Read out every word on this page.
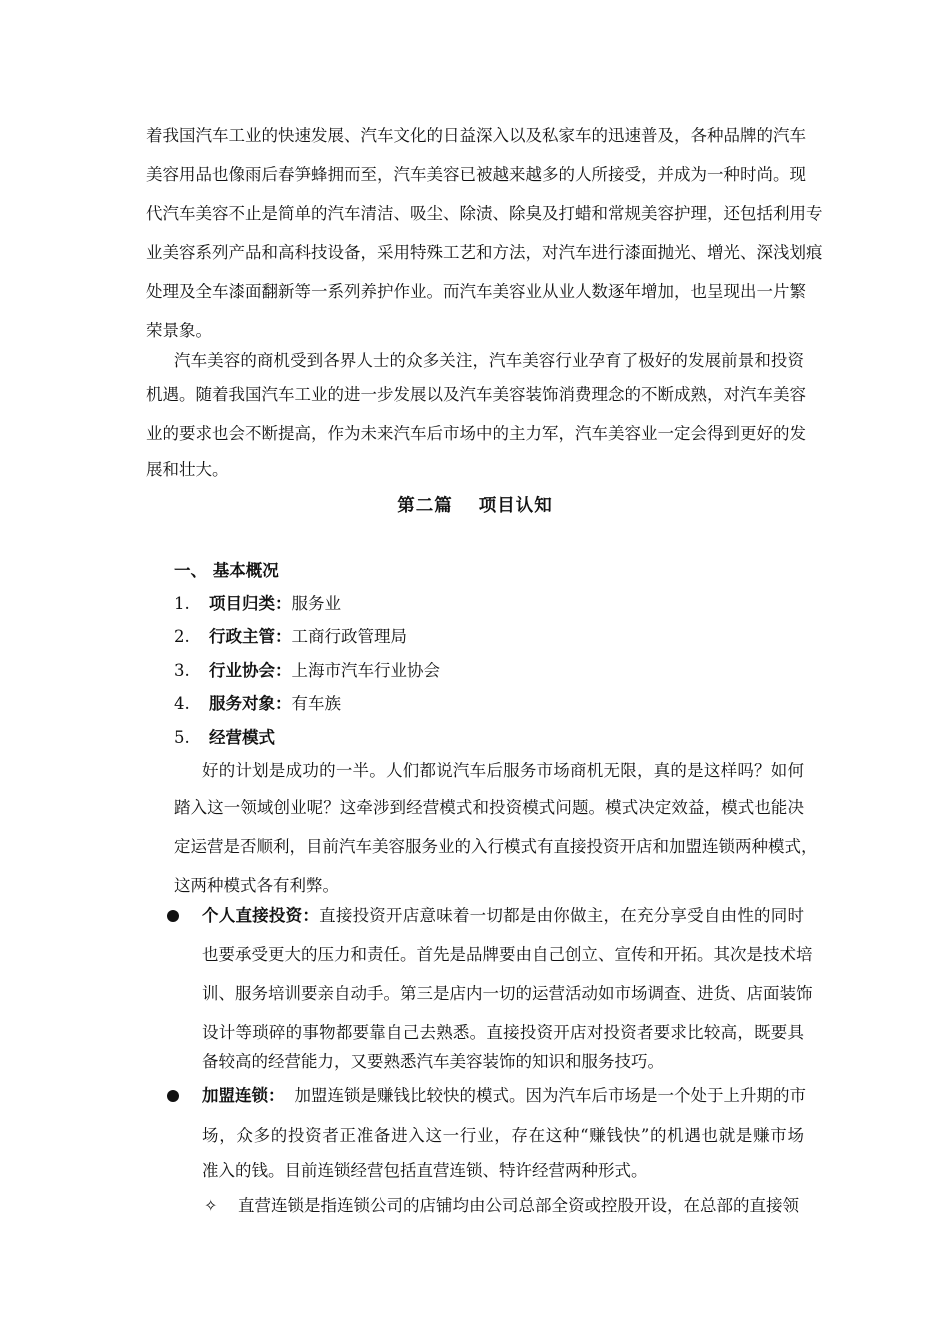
着我国汽车工业的快速发展、汽车文化的日益深入以及私家车的迅速普及，各种品牌的汽车
美容用品也像雨后春笋蜂拥而至，汽车美容已被越来越多的人所接受，并成为一种时尚。现
代汽车美容不止是简单的汽车清洁、吸尘、除渍、除臭及打蜡和常规美容护理，还包括利用专
业美容系列产品和高科技设备，采用特殊工艺和方法，对汽车进行漆面抛光、增光、深浅划痕
处理及全车漆面翻新等一系列养护作业。而汽车美容业从业人数逐年增加，也呈现出一片繁
荣景象。
汽车美容的商机受到各界人士的众多关注，汽车美容行业孕育了极好的发展前景和投资
机遇。随着我国汽车工业的进一步发展以及汽车美容装饰消费理念的不断成熟，对汽车美容
业的要求也会不断提高，作为未来汽车后市场中的主力军，汽车美容业一定会得到更好的发
展和壮大。
第二篇 项目认知
一、 基本概况
1. 项目归类：服务业
2. 行政主管：工商行政管理局
3. 行业协会：上海市汽车行业协会
4. 服务对象：有车族
5. 经营模式
好的计划是成功的一半。人们都说汽车后服务市场商机无限，真的是这样吗？如何
踏入这一领域创业呢？这牵涉到经营模式和投资模式问题。模式决定效益，模式也能决
定运营是否顺利，目前汽车美容服务业的入行模式有直接投资开店和加盟连锁两种模式，
这两种模式各有利弊。
个人直接投资：直接投资开店意味着一切都是由你做主，在充分享受自由性的同时
也要承受更大的压力和责任。首先是品牌要由自己创立、宣传和开拓。其次是技术培
训、服务培训要亲自动手。第三是店内一切的运营活动如市场调查、进货、店面装饰
设计等琐碎的事物都要靠自己去熟悉。直接投资开店对投资者要求比较高，既要具
备较高的经营能力，又要熟悉汽车美容装饰的知识和服务技巧。
加盟连锁： 加盟连锁是赚钱比较快的模式。因为汽车后市场是一个处于上升期的市
场，众多的投资者正准备进入这一行业，存在这种“赚钱快”的机遇也就是赚市场
准入的钱。目前连锁经营包括直营连锁、特许经营两种形式。
✧ 直营连锁是指连锁公司的店铺均由公司总部全资或控股开设，在总部的直接领
